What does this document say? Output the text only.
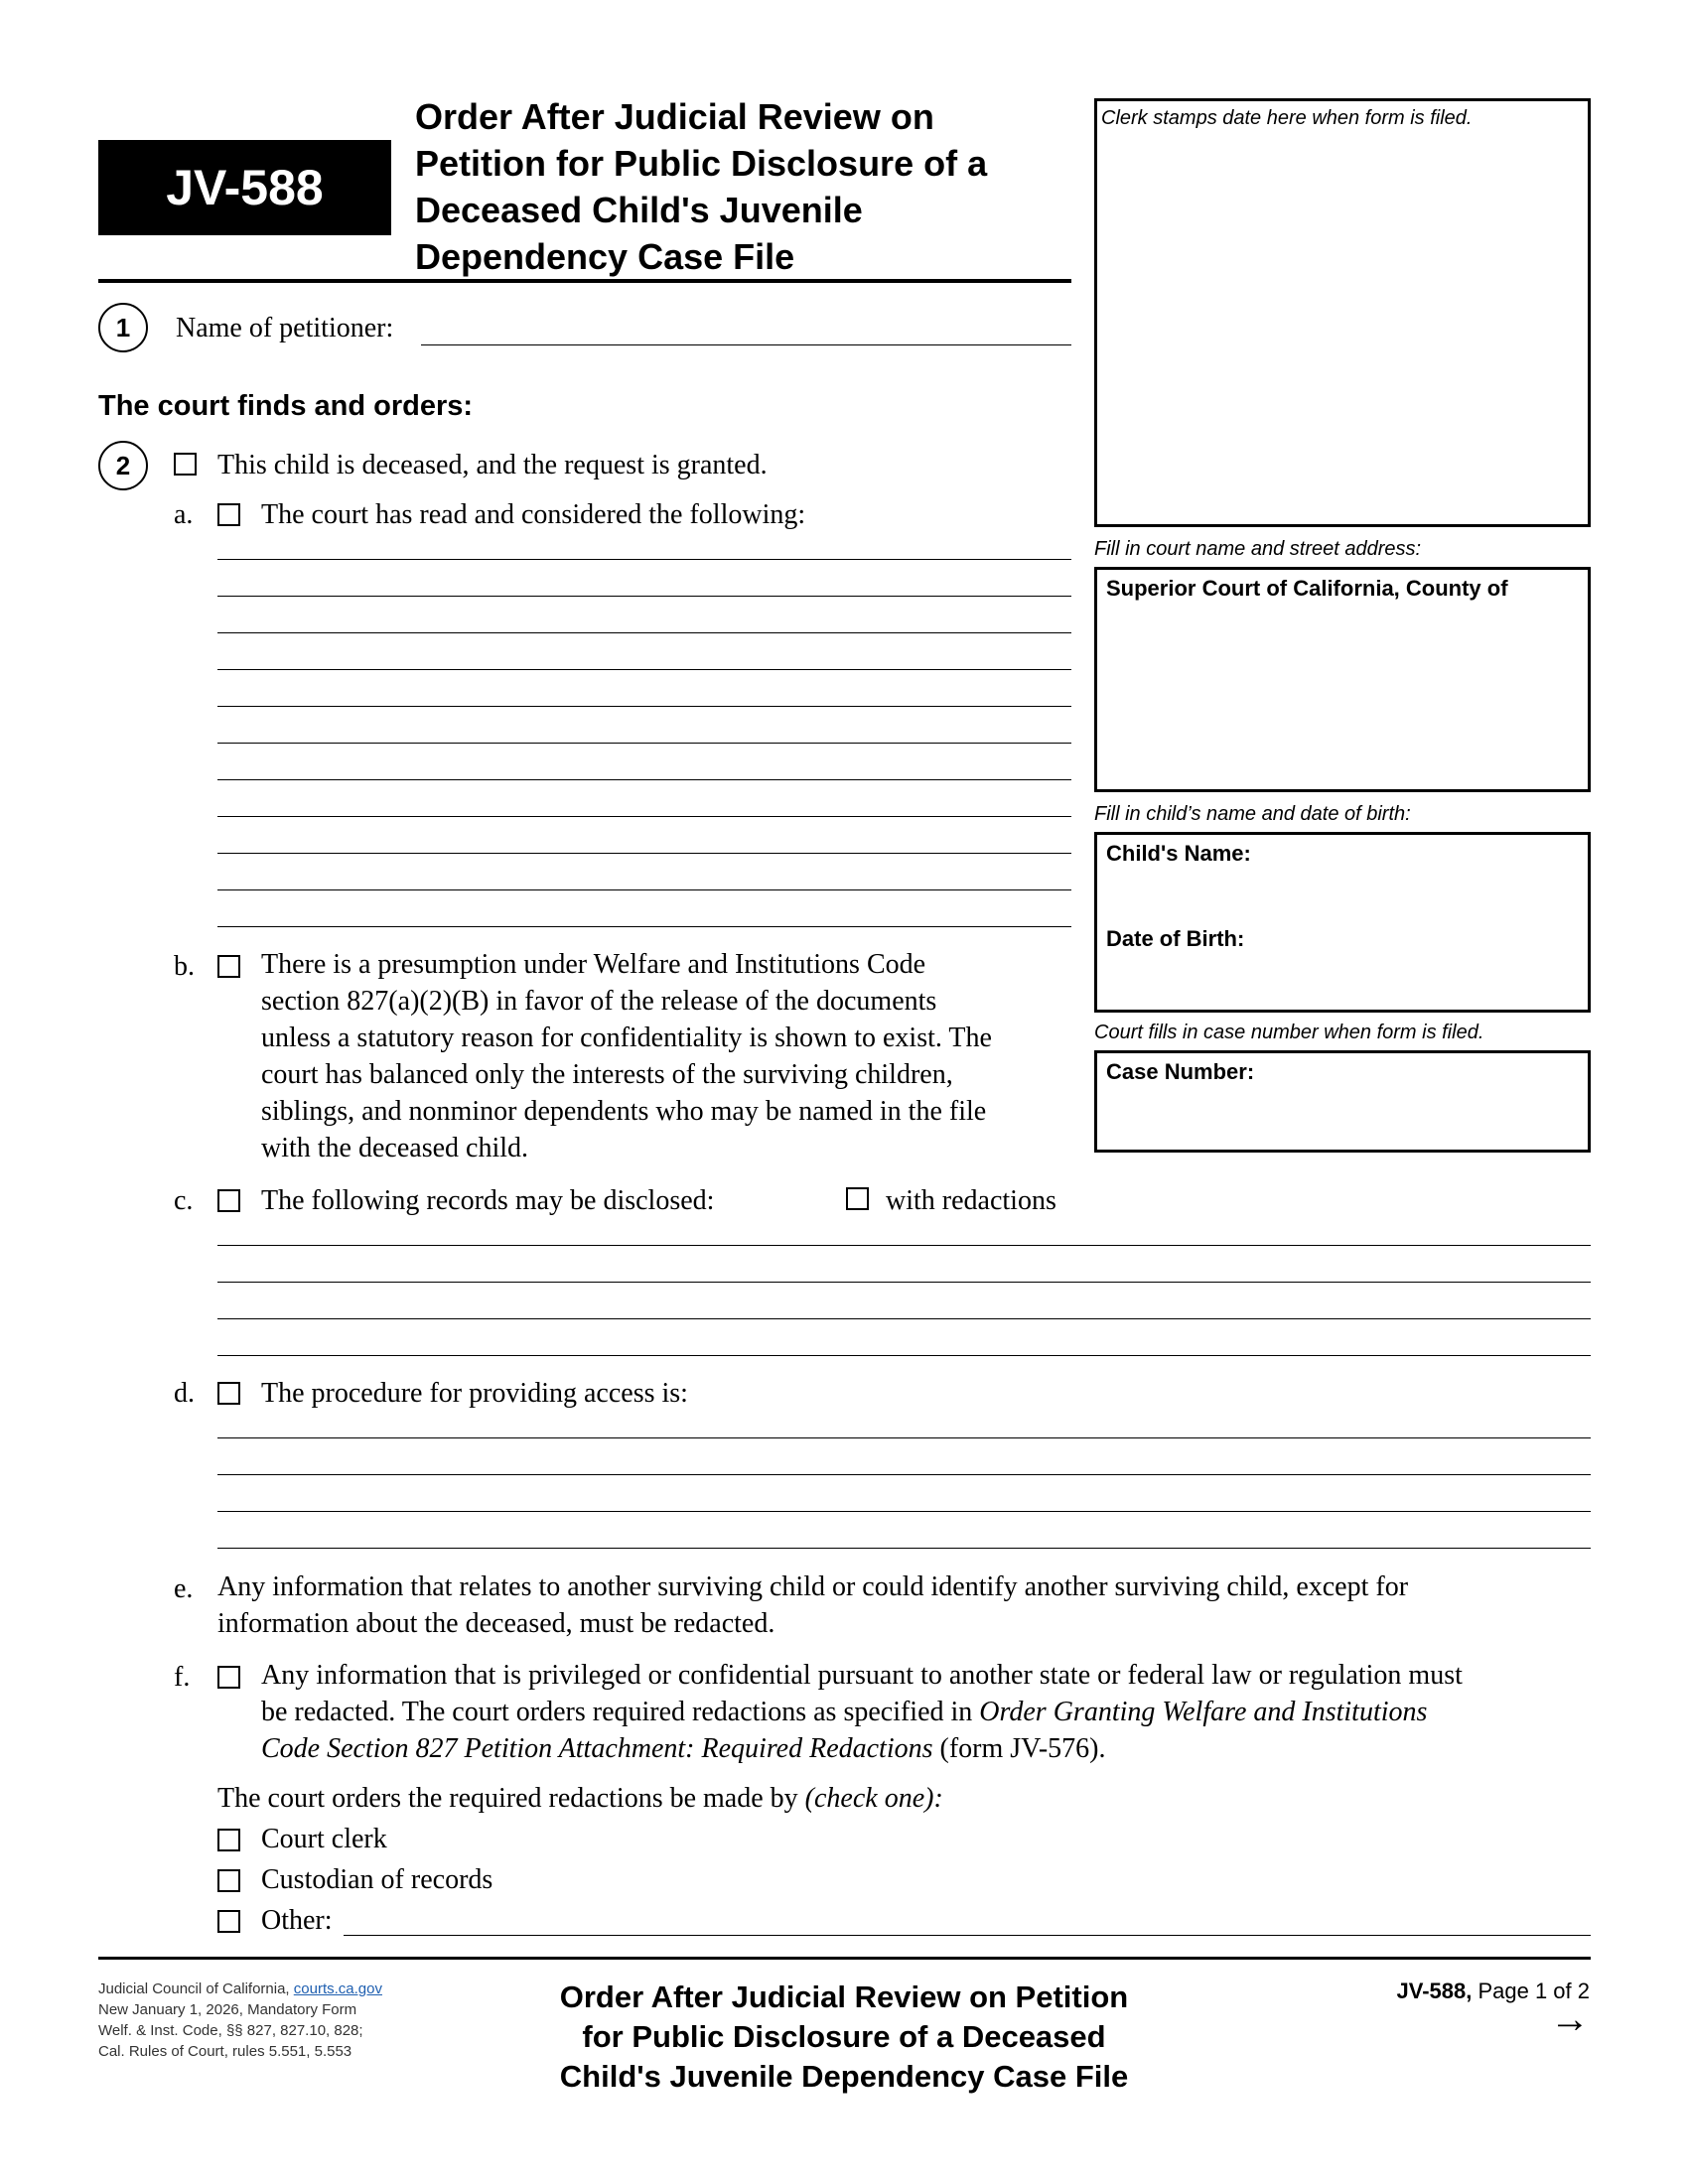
JV-588
Order After Judicial Review on
Petition for Public Disclosure of a
Deceased Child's Juvenile
Dependency Case File
Clerk stamps date here when form is filed.
Fill in court name and street address:
Superior Court of California, County of
Fill in child’s name and date of birth:
Child's Name:
Date of Birth:
Court fills in case number when form is filed.
Case Number:
1	Name of petitioner:
The court finds and orders:
2	This child is deceased, and the request is granted.
a. The court has read and considered the following:
b. There is a presumption under Welfare and Institutions Code
section 827(a)(2)(B) in favor of the release of the documents
unless a statutory reason for confidentiality is shown to exist. The
court has balanced only the interests of the surviving children,
siblings, and nonminor dependents who may be named in the file
with the deceased child.
c. The following records may be disclosed:	with redactions
d. The procedure for providing access is:
e. Any information that relates to another surviving child or could identify another surviving child, except for
information about the deceased, must be redacted.
f.	Any information that is privileged or confidential pursuant to another state or federal law or regulation must
be redacted. The court orders required redactions as specified in Order Granting Welfare and Institutions
Code Section 827 Petition Attachment: Required Redactions (form JV-576).
The court orders the required redactions be made by (check one):
Court clerk
Custodian of records
Other:
Judicial Council of California, courts.ca.gov
New January 1, 2026, Mandatory Form
Welf. & Inst. Code, §§ 827, 827.10, 828;
Cal. Rules of Court, rules 5.551, 5.553
Order After Judicial Review on Petition
for Public Disclosure of a Deceased
Child's Juvenile Dependency Case File
JV-588, Page 1 of 2
→
